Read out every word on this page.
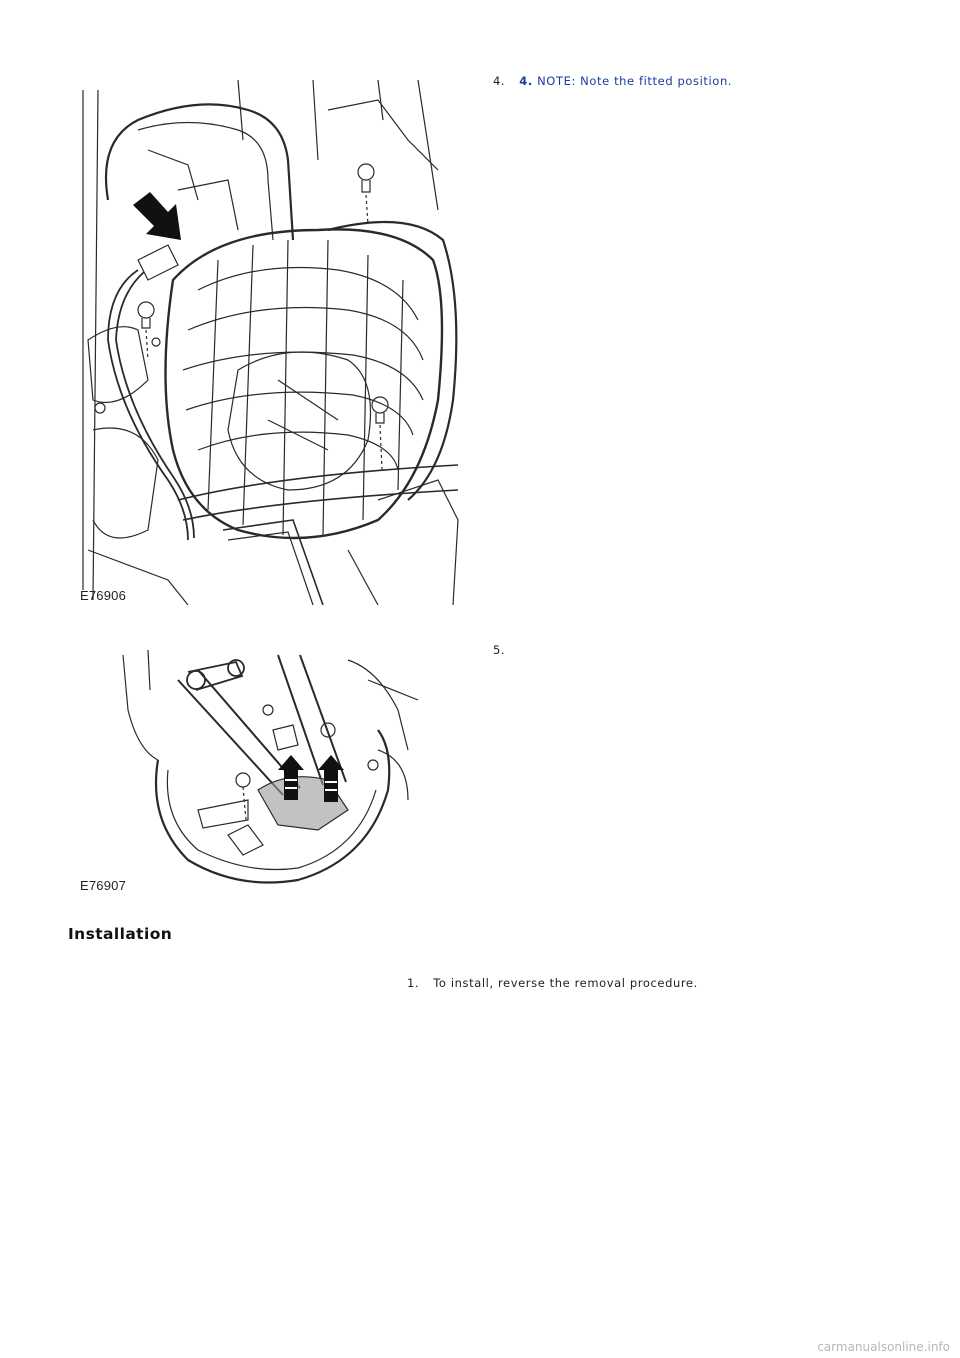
E76906
4. 4. NOTE: Note the fitted position.
E76907
5.
Installation
1. To install, reverse the removal procedure.
carmanualsonline.info
